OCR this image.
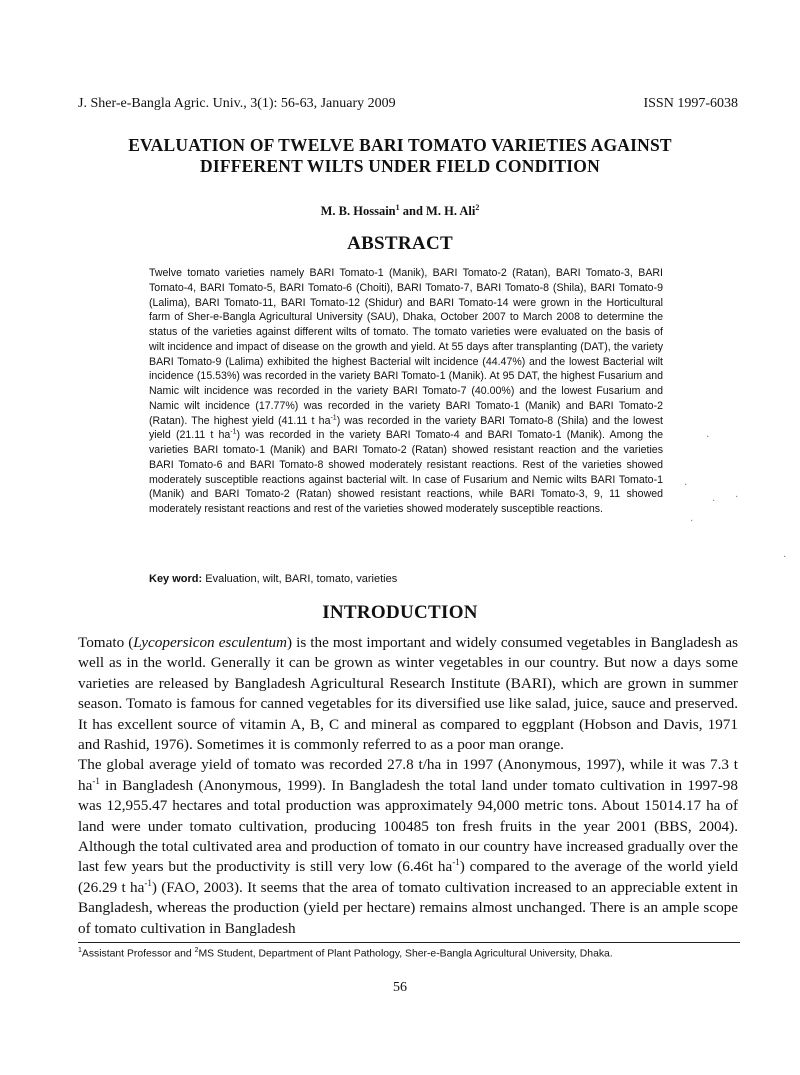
J. Sher-e-Bangla Agric. Univ., 3(1): 56-63, January 2009	ISSN 1997-6038
EVALUATION OF TWELVE BARI TOMATO VARIETIES AGAINST
DIFFERENT WILTS UNDER FIELD CONDITION
M. B. Hossain$^1$ and M. H. Ali$^2$
ABSTRACT
Twelve tomato varieties namely BARI Tomato-1 (Manik), BARI Tomato-2 (Ratan), BARI Tomato-3, BARI Tomato-4, BARI Tomato-5, BARI Tomato-6 (Choiti), BARI Tomato-7, BARI Tomato-8 (Shila), BARI Tomato-9 (Lalima), BARI Tomato-11, BARI Tomato-12 (Shidur) and BARI Tomato-14 were grown in the Horticultural farm of Sher-e-Bangla Agricultural University (SAU), Dhaka, October 2007 to March 2008 to determine the status of the varieties against different wilts of tomato. The tomato varieties were evaluated on the basis of wilt incidence and impact of disease on the growth and yield. At 55 days after transplanting (DAT), the variety BARI Tomato-9 (Lalima) exhibited the highest Bacterial wilt incidence (44.47%) and the lowest Bacterial wilt incidence (15.53%) was recorded in the variety BARI Tomato-1 (Manik). At 95 DAT, the highest Fusarium and Namic wilt incidence was recorded in the variety BARI Tomato-7 (40.00%) and the lowest Fusarium and Namic wilt incidence (17.77%) was recorded in the variety BARI Tomato-1 (Manik) and BARI Tomato-2 (Ratan). The highest yield (41.11 t $ha^{-1}$) was recorded in the variety BARI Tomato-8 (Shila) and the lowest yield (21.11 t $ha^{-1}$) was recorded in the variety BARI Tomato-4 and BARI Tomato-1 (Manik). Among the varieties BARI tomato-1 (Manik) and BARI Tomato-2 (Ratan) showed resistant reaction and the varieties BARI Tomato-6 and BARI Tomato-8 showed moderately resistant reactions. Rest of the varieties showed moderately susceptible reactions against bacterial wilt. In case of Fusarium and Nemic wilts BARI Tomato-1 (Manik) and BARI Tomato-2 (Ratan) showed resistant reactions, while BARI Tomato-3, 9, 11 showed moderately resistant reactions and rest of the varieties showed moderately susceptible reactions.
Key word: Evaluation, wilt, BARI, tomato, varieties
INTRODUCTION

Tomato (Lycopersicon esculentum) is the most important and widely consumed vegetables in Bangladesh as well as in the world. Generally it can be grown as winter vegetables in our country. But now a days some varieties are released by Bangladesh Agricultural Research Institute (BARI), which are grown in summer season. Tomato is famous for canned vegetables for its diversified use like salad, juice, sauce and preserved. It has excellent source of vitamin A, B, C and mineral as compared to eggplant (Hobson and Davis, 1971 and Rashid, 1976). Sometimes it is commonly referred to as a poor man orange.

The global average yield of tomato was recorded 27.8 t/ha in 1997 (Anonymous, 1997), while it was 7.3 t $ha^{-1}$ in Bangladesh (Anonymous, 1999). In Bangladesh the total land under tomato cultivation in 1997-98 was 12,955.47 hectares and total production was approximately 94,000 metric tons. About 15014.17 ha of land were under tomato cultivation, producing 100485 ton fresh fruits in the year 2001 (BBS, 2004). Although the total cultivated area and production of tomato in our country have increased gradually over the last few years but the productivity is still very low (6.46t $ha^{-1}$) compared to the average of the world yield (26.29 t $ha^{-1}$) (FAO, 2003). It seems that the area of tomato cultivation increased to an appreciable extent in Bangladesh, whereas the production (yield per hectare) remains almost unchanged. There is an ample scope of tomato cultivation in Bangladesh

$^1$Assistant Professor and $^2$MS Student, Department of Plant Pathology, Sher-e-Bangla Agricultural University, Dhaka.
56
·
·
· ·
·
·
